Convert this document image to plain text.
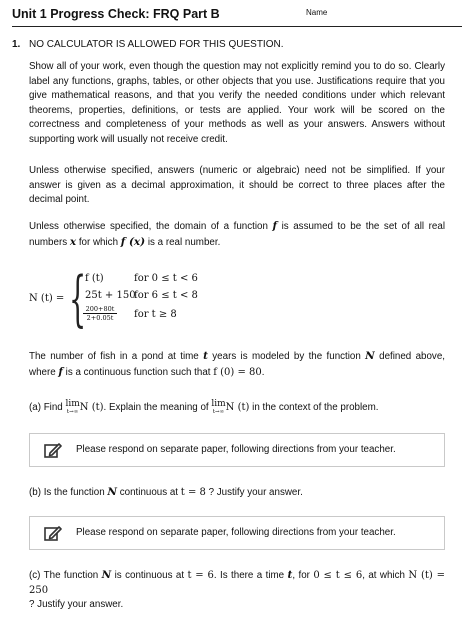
Unit 1 Progress Check: FRQ Part B	Name
1. NO CALCULATOR IS ALLOWED FOR THIS QUESTION.

Show all of your work, even though the question may not explicitly remind you to do so. Clearly label any functions, graphs, tables, or other objects that you use. Justifications require that you give mathematical reasons, and that you verify the needed conditions under which relevant theorems, properties, definitions, or tests are applied. Your work will be scored on the correctness and completeness of your methods as well as your answers. Answers without supporting work will usually not receive credit.

Unless otherwise specified, answers (numeric or algebraic) need not be simplified. If your answer is given as a decimal approximation, it should be correct to three places after the decimal point.

Unless otherwise specified, the domain of a function f is assumed to be the set of all real numbers x for which f (x) is a real number.

N (t) = {
f (t)	for 0 ≤ t < 6
25t + 150
for 6 ≤ t < 8
$\frac{200+80t}{2+0.05t}$ for t ≥ 8

The number of fish in a pond at time t years is modeled by the function N defined above, where f is a continuous function such that f (0) = 80.

(a) Find lim
t→∞ N (t). Explain the meaning of lim
t→∞ N (t) in the context of the problem.

Please respond on separate paper, following directions from your teacher.

(b) Is the function N continuous at t = 8 ? Justify your answer.

Please respond on separate paper, following directions from your teacher.

(c) The function N is continuous at t = 6. Is there a time t, for 0 ≤ t ≤ 6, at which N (t) = 250
? Justify your answer.
